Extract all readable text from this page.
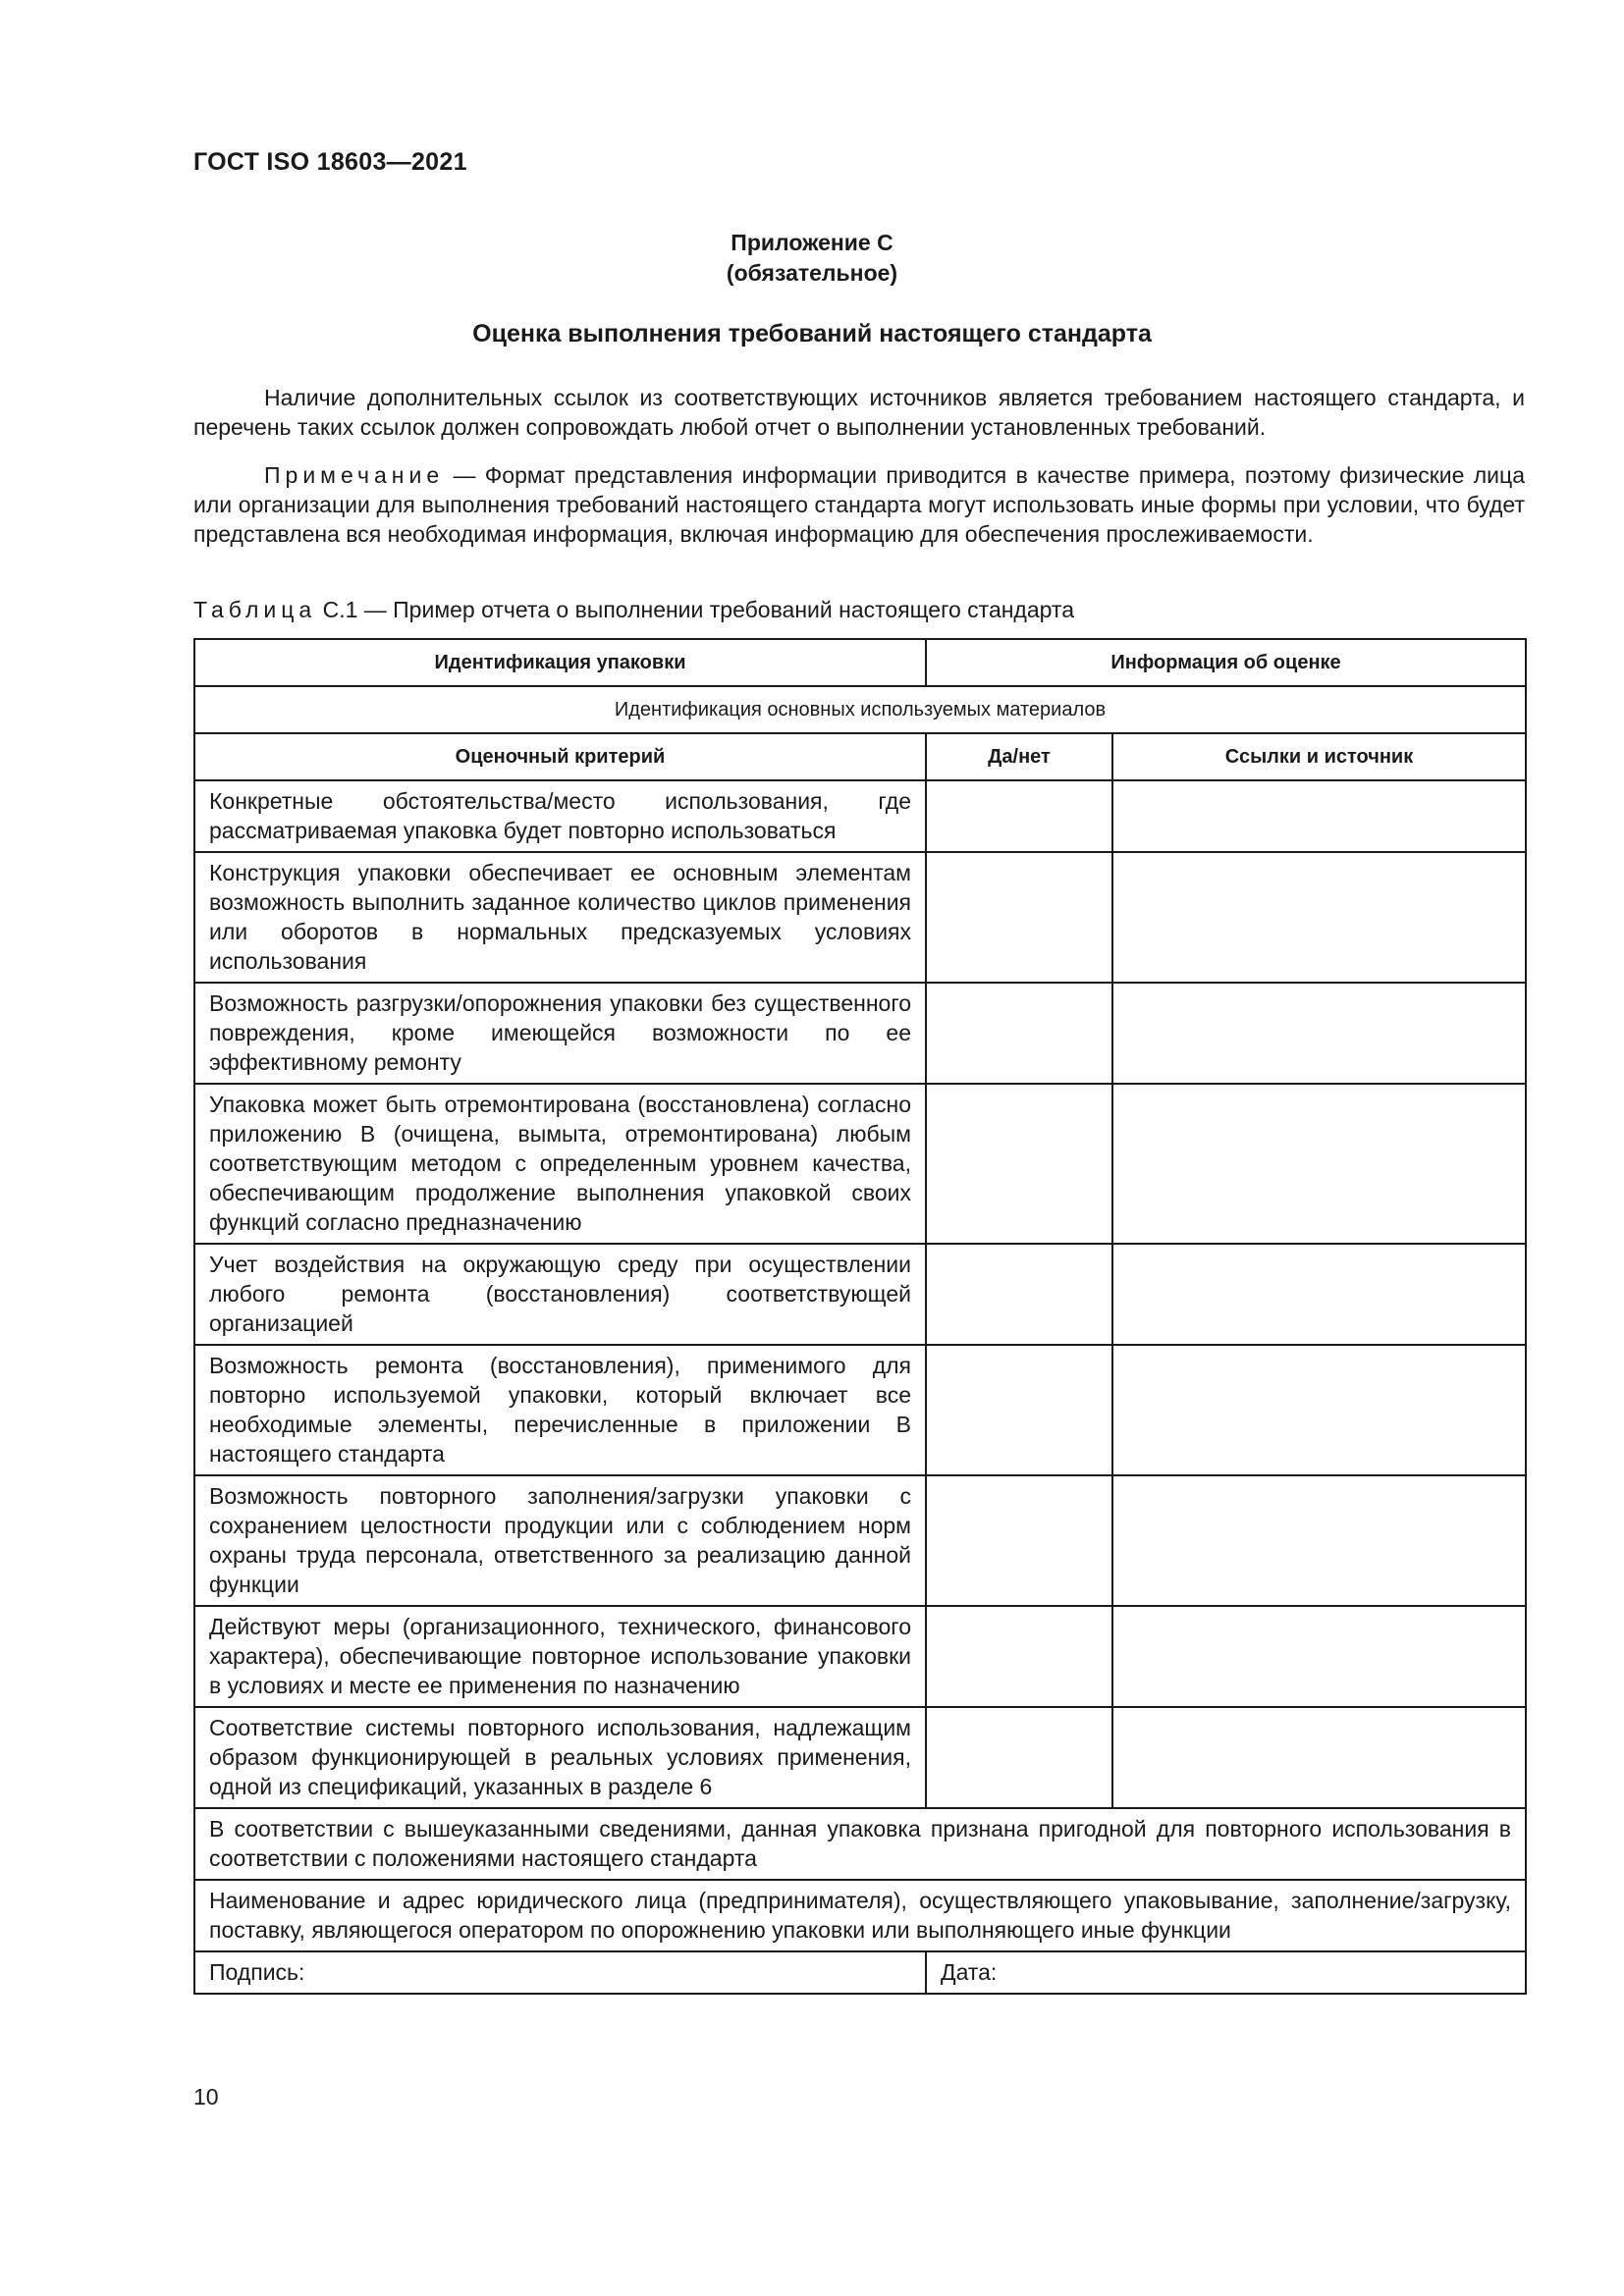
ГОСТ ISO 18603—2021
Приложение С
(обязательное)
Оценка выполнения требований настоящего стандарта

Наличие дополнительных ссылок из соответствующих источников является требованием настоящего стандарта, и перечень таких ссылок должен сопровождать любой отчет о выполнении установленных требований.

Примечание — Формат представления информации приводится в качестве примера, поэтому физические лица или организации для выполнения требований настоящего стандарта могут использовать иные формы при условии, что будет представлена вся необходимая информация, включая информацию для обеспечения прослеживаемости.

Таблица С.1 — Пример отчета о выполнении требований настоящего стандарта
Идентификация упаковки	Информация об оценке	
Идентификация основных используемых материалов		
Оценочный критерий	Да/нет	Ссылки и источник
Конкретные обстоятельства/место использования, где рассматриваемая упаковка будет повторно использоваться		
Конструкция упаковки обеспечивает ее основным элементам возможность выполнить заданное количество циклов применения или оборотов в нормальных предсказуемых условиях использования		
Возможность разгрузки/опорожнения упаковки без существенного повреждения, кроме имеющейся возможности по ее эффективному ремонту		
Упаковка может быть отремонтирована (восстановлена) согласно приложению В (очищена, вымыта, отремонтирована) любым соответствующим методом с определенным уровнем качества, обеспечивающим продолжение выполнения упаковкой своих функций согласно предназначению		
Учет воздействия на окружающую среду при осуществлении любого ремонта (восстановления) соответствующей организацией		
Возможность ремонта (восстановления), применимого для повторно используемой упаковки, который включает все необходимые элементы, перечисленные в приложении В настоящего стандарта		
Возможность повторного заполнения/загрузки упаковки с сохранением целостности продукции или с соблюдением норм охраны труда персонала, ответственного за реализацию данной функции		
Действуют меры (организационного, технического, финансового характера), обеспечивающие повторное использование упаковки в условиях и месте ее применения по назначению		
Соответствие системы повторного использования, надлежащим образом функционирующей в реальных условиях применения, одной из спецификаций, указанных в разделе 6		
В соответствии с вышеуказанными сведениями, данная упаковка признана пригодной для повторного использования в соответствии с положениями настоящего стандарта		
Наименование и адрес юридического лица (предпринимателя), осуществляющего упаковывание, заполнение/загрузку, поставку, являющегося оператором по опорожнению упаковки или выполняющего иные функции		
Подпись:	Дата:	
10
